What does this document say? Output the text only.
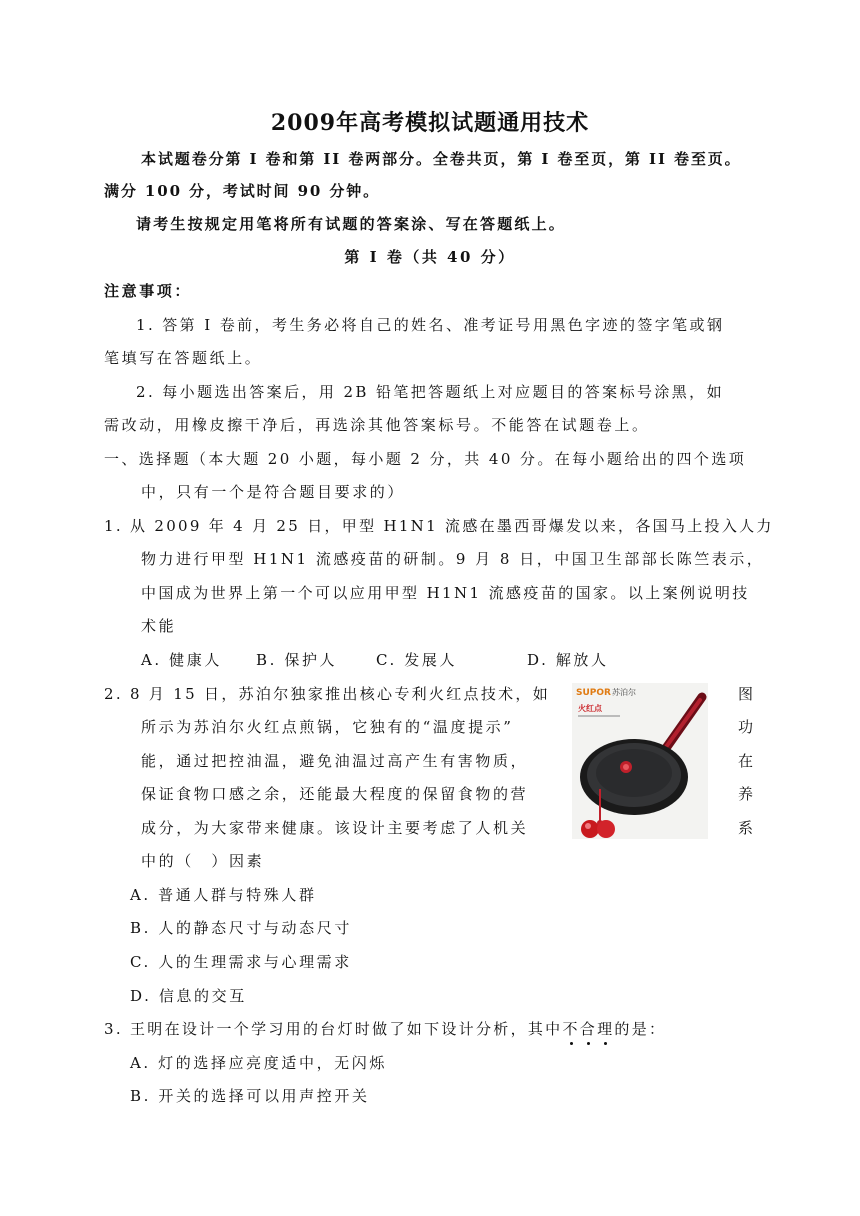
2009年高考模拟试题通用技术
本试题卷分第 I 卷和第 II 卷两部分。全卷共页，第 I 卷至页，第 II 卷至页。
满分 100 分，考试时间 90 分钟。
请考生按规定用笔将所有试题的答案涂、写在答题纸上。
第 I 卷（共 40 分）
注意事项：
1. 答第 I 卷前，考生务必将自己的姓名、准考证号用黑色字迹的签字笔或钢
笔填写在答题纸上。
2. 每小题选出答案后，用 2B 铅笔把答题纸上对应题目的答案标号涂黑，如
需改动，用橡皮擦干净后，再选涂其他答案标号。不能答在试题卷上。
一、选择题（本大题 20 小题，每小题 2 分，共 40 分。在每小题给出的四个选项
中，只有一个是符合题目要求的）
1. 从 2009 年 4 月 25 日，甲型 H1N1 流感在墨西哥爆发以来，各国马上投入人力
物力进行甲型 H1N1 流感疫苗的研制。9 月 8 日，中国卫生部部长陈竺表示，
中国成为世界上第一个可以应用甲型 H1N1 流感疫苗的国家。以上案例说明技
术能
A. 健康人 B. 保护人	C. 发展人	D. 解放人
2. 8 月 15 日，苏泊尔独家推出核心专利火红点技术，如
所示为苏泊尔火红点煎锅，它独有的“温度提示”
能，通过把控油温，避免油温过高产生有害物质，
保证食物口感之余，还能最大程度的保留食物的营
成分，为大家带来健康。该设计主要考虑了人机关
中的（　）因素
图
功
在
养
系
SUPOR 苏泊尔
火红点
A. 普通人群与特殊人群
B. 人的静态尺寸与动态尺寸
C. 人的生理需求与心理需求
D. 信息的交互
3. 王明在设计一个学习用的台灯时做了如下设计分析，其中不合理的是：
A. 灯的选择应亮度适中，无闪烁
B. 开关的选择可以用声控开关
